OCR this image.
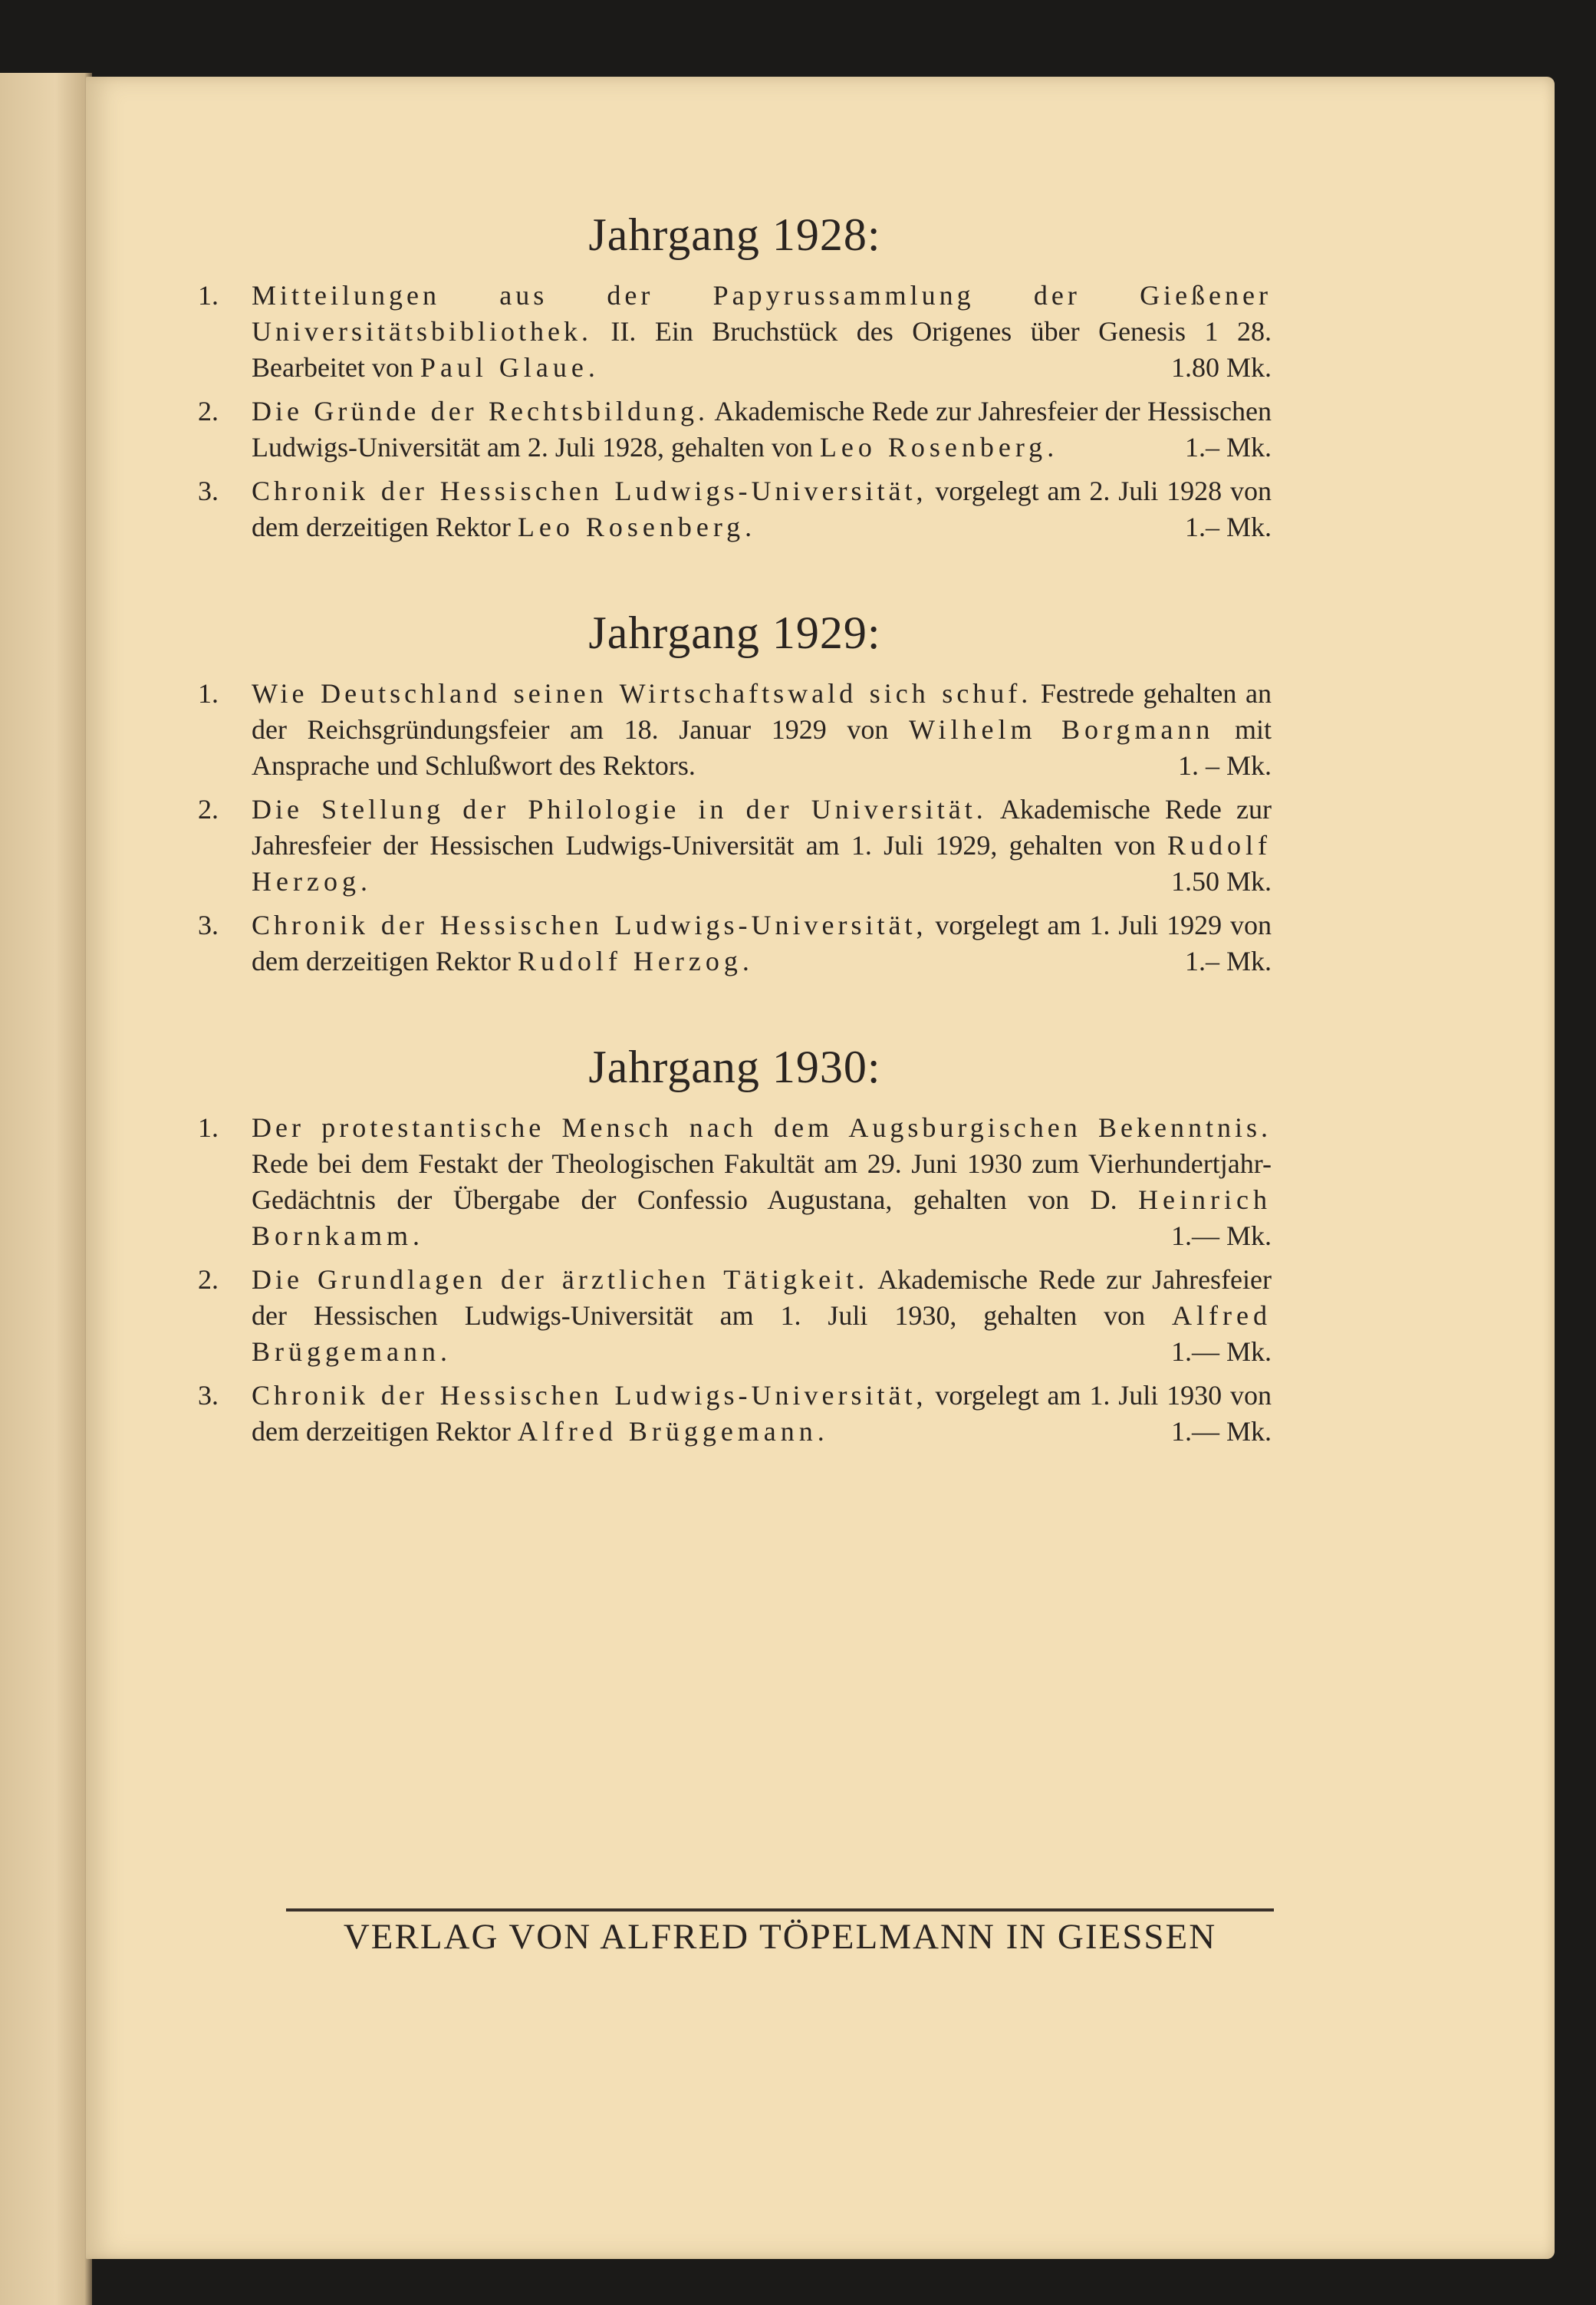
Jahrgang 1928:
1. Mitteilungen aus der Papyrussammlung der Gießener Universitätsbibliothek. II. Ein Bruchstück des Origenes über Genesis 1 28. Bearbeitet von Paul Glaue.	1.80 Mk.
2. Die Gründe der Rechtsbildung. Akademische Rede zur Jahresfeier der Hessischen Ludwigs-Universität am 2. Juli 1928, gehalten von Leo Rosenberg.	1.– Mk.
3. Chronik der Hessischen Ludwigs-Universität, vorgelegt am 2. Juli 1928 von dem derzeitigen Rektor Leo Rosenberg.	1.– Mk.
Jahrgang 1929:
1. Wie Deutschland seinen Wirtschaftswald sich schuf. Festrede gehalten an der Reichsgründungsfeier am 18. Januar 1929 von Wilhelm Borgmann mit Ansprache und Schlußwort des Rektors.	1. – Mk.
2. Die Stellung der Philologie in der Universität. Akademische Rede zur Jahresfeier der Hessischen Ludwigs-Universität am 1. Juli 1929, gehalten von Rudolf Herzog.	1.50 Mk.
3. Chronik der Hessischen Ludwigs-Universität, vorgelegt am 1. Juli 1929 von dem derzeitigen Rektor Rudolf Herzog.	1.– Mk.
Jahrgang 1930:
1. Der protestantische Mensch nach dem Augsburgischen Bekenntnis. Rede bei dem Festakt der Theologischen Fakultät am 29. Juni 1930 zum Vierhundertjahr-Gedächtnis der Übergabe der Confessio Augustana, gehalten von D. Heinrich Bornkamm.	1.— Mk.
2. Die Grundlagen der ärztlichen Tätigkeit. Akademische Rede zur Jahresfeier der Hessischen Ludwigs-Universität am 1. Juli 1930, gehalten von Alfred Brüggemann.	1.— Mk.
3. Chronik der Hessischen Ludwigs-Universität, vorgelegt am 1. Juli 1930 von dem derzeitigen Rektor Alfred Brüggemann.	1.— Mk.
VERLAG VON ALFRED TÖPELMANN IN GIESSEN
